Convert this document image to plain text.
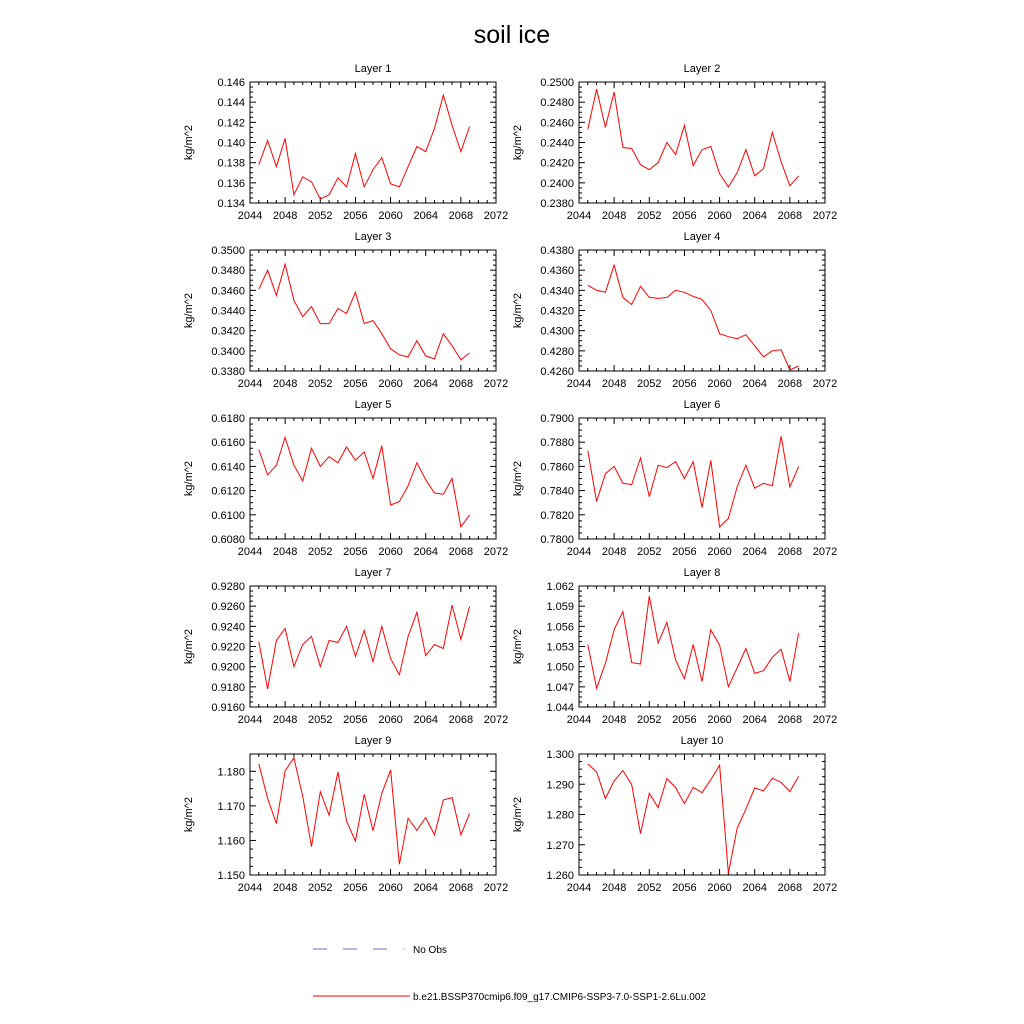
soil ice
Layer 1
kg/m^2
2044 2048 2052 2056 2060 2064 2068 2072
0.134
0.136
0.138
0.140
0.142
0.144
0.146
Layer 2
kg/m^2
2044 2048 2052 2056 2060 2064 2068 2072
0.2380
0.2400
0.2420
0.2440
0.2460
0.2480
0.2500
Layer 3
kg/m^2
2044 2048 2052 2056 2060 2064 2068 2072
0.3380
0.3400
0.3420
0.3440
0.3460
0.3480
0.3500
Layer 4
kg/m^2
2044 2048 2052 2056 2060 2064 2068 2072
0.4260
0.4280
0.4300
0.4320
0.4340
0.4360
0.4380
Layer 5
kg/m^2
2044 2048 2052 2056 2060 2064 2068 2072
0.6080
0.6100
0.6120
0.6140
0.6160
0.6180
Layer 6
kg/m^2
2044 2048 2052 2056 2060 2064 2068 2072
0.7800
0.7820
0.7840
0.7860
0.7880
0.7900
Layer 7
kg/m^2
2044 2048 2052 2056 2060 2064 2068 2072
0.9160
0.9180
0.9200
0.9220
0.9240
0.9260
0.9280
Layer 8
kg/m^2
2044 2048 2052 2056 2060 2064 2068 2072
1.044
1.047
1.050
1.053
1.056
1.059
1.062
Layer 9
kg/m^2
2044 2048 2052 2056 2060 2064 2068 2072
1.150
1.160
1.170
1.180
Layer 10
kg/m^2
2044 2048 2052 2056 2060 2064 2068 2072
1.260
1.270
1.280
1.290
1.300
No Obs
b.e21.BSSP370cmip6.f09_g17.CMIP6-SSP3-7.0-SSP1-2.6Lu.002
